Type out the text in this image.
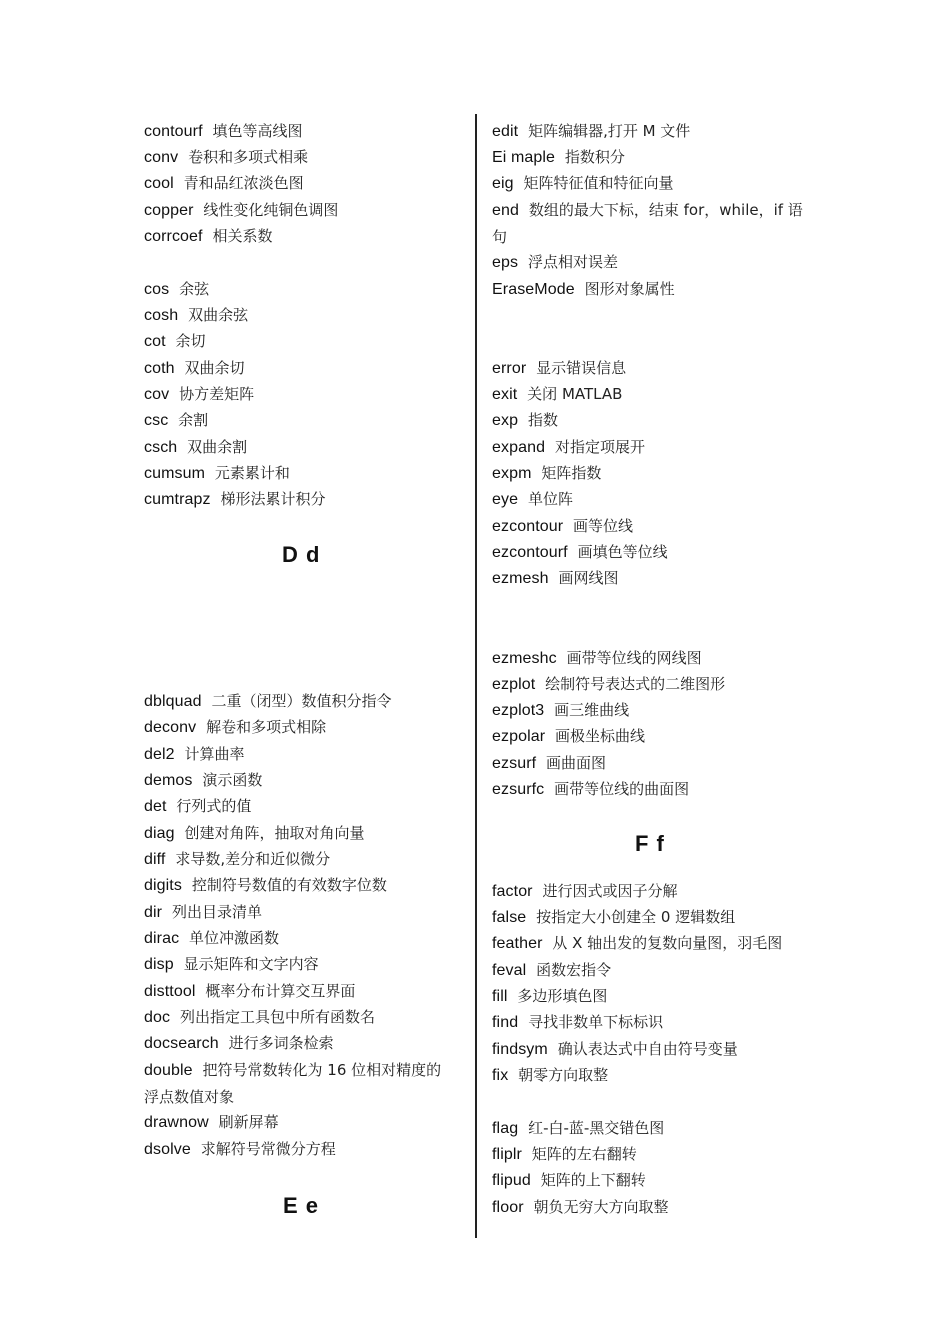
contourf 填色等高线图
conv 卷积和多项式相乘
cool 青和品红浓淡色图
copper 线性变化纯铜色调图
corrcoef 相关系数
cos 余弦
cosh 双曲余弦
cot 余切
coth 双曲余切
cov 协方差矩阵
csc 余割
csch 双曲余割
cumsum 元素累计和
cumtrapz 梯形法累计积分
D d
dblquad 二重（闭型）数值积分指令
deconv 解卷和多项式相除
del2 计算曲率
demos 演示函数
det 行列式的值
diag 创建对角阵，抽取对角向量
diff 求导数,差分和近似微分
digits 控制符号数值的有效数字位数
dir 列出目录清单
dirac 单位冲激函数
disp 显示矩阵和文字内容
disttool 概率分布计算交互界面
doc 列出指定工具包中所有函数名
docsearch 进行多词条检索
double 把符号常数转化为 16 位相对精度的浮点数值对象
drawnow 刷新屏幕
dsolve 求解符号常微分方程
E e
edit 矩阵编辑器,打开 M 文件
Ei maple 指数积分
eig 矩阵特征值和特征向量
end 数组的最大下标，结束 for，while，if 语句
eps 浮点相对误差
EraseMode 图形对象属性
error 显示错误信息
exit 关闭 MATLAB
exp 指数
expand 对指定项展开
expm 矩阵指数
eye 单位阵
ezcontour 画等位线
ezcontourf 画填色等位线
ezmesh 画网线图
ezmeshc 画带等位线的网线图
ezplot 绘制符号表达式的二维图形
ezplot3 画三维曲线
ezpolar 画极坐标曲线
ezsurf 画曲面图
ezsurfc 画带等位线的曲面图
F f
factor 进行因式或因子分解
false 按指定大小创建全 0 逻辑数组
feather 从 X 轴出发的复数向量图，羽毛图
feval 函数宏指令
fill 多边形填色图
find 寻找非数单下标标识
findsym 确认表达式中自由符号变量
fix 朝零方向取整
flag 红-白-蓝-黑交错色图
fliplr 矩阵的左右翻转
flipud 矩阵的上下翻转
floor 朝负无穷大方向取整
